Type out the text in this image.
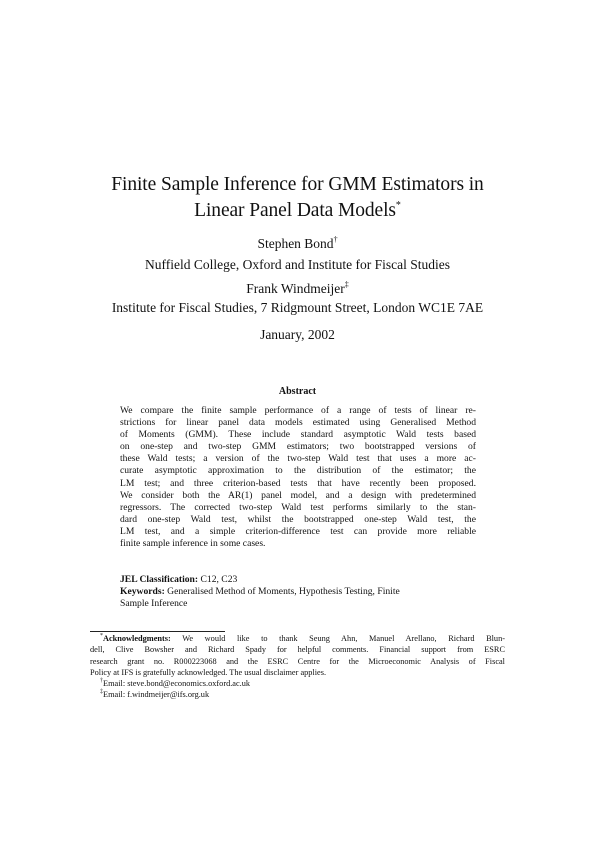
Finite Sample Inference for GMM Estimators in
Linear Panel Data Models*
Stephen Bond†
Nuffield College, Oxford and Institute for Fiscal Studies
Frank Windmeijer‡
Institute for Fiscal Studies, 7 Ridgmount Street, London WC1E 7AE
January, 2002
Abstract
We compare the finite sample performance of a range of tests of linear re-
strictions for linear panel data models estimated using Generalised Method
of Moments (GMM). These include standard asymptotic Wald tests based
on one-step and two-step GMM estimators; two bootstrapped versions of
these Wald tests; a version of the two-step Wald test that uses a more ac-
curate asymptotic approximation to the distribution of the estimator; the
LM test; and three criterion-based tests that have recently been proposed.
We consider both the AR(1) panel model, and a design with predetermined
regressors. The corrected two-step Wald test performs similarly to the stan-
dard one-step Wald test, whilst the bootstrapped one-step Wald test, the
LM test, and a simple criterion-difference test can provide more reliable
finite sample inference in some cases.
JEL Classification: C12, C23
Keywords: Generalised Method of Moments, Hypothesis Testing, Finite
Sample Inference
*Acknowledgments: We would like to thank Seung Ahn, Manuel Arellano, Richard Blun-
dell, Clive Bowsher and Richard Spady for helpful comments. Financial support from ESRC
research grant no. R000223068 and the ESRC Centre for the Microeconomic Analysis of Fiscal
Policy at IFS is gratefully acknowledged. The usual disclaimer applies.
†Email: steve.bond@economics.oxford.ac.uk
‡Email: f.windmeijer@ifs.org.uk
